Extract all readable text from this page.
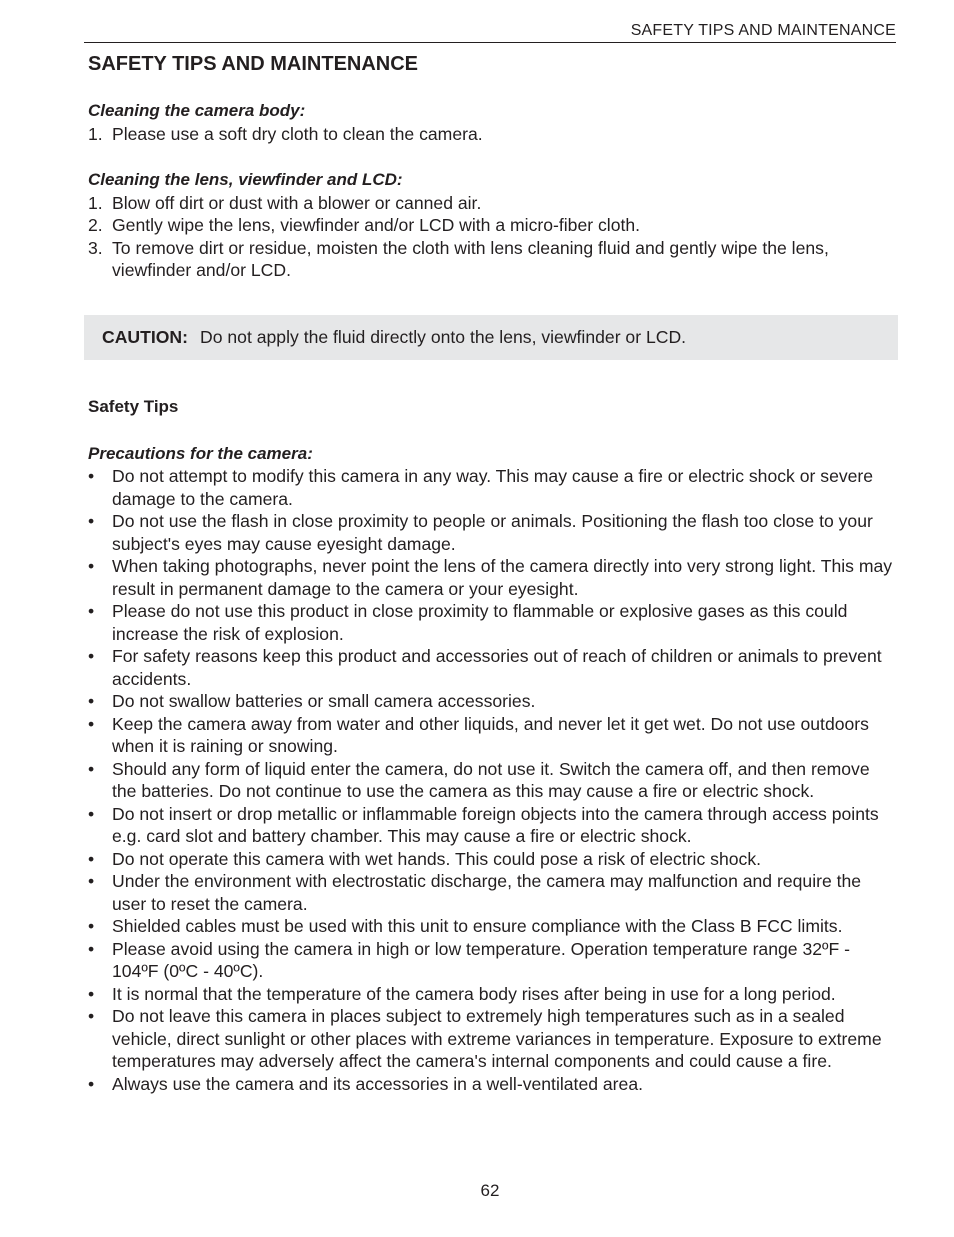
SAFETY TIPS AND MAINTENANCE
SAFETY TIPS AND MAINTENANCE
Cleaning the camera body:
1. Please use a soft dry cloth to clean the camera.
Cleaning the lens, viewfinder and LCD:
1. Blow off dirt or dust with a blower or canned air.
2. Gently wipe the lens, viewfinder and/or LCD with a micro-fiber cloth.
3. To remove dirt or residue, moisten the cloth with lens cleaning fluid and gently wipe the lens, viewfinder and/or LCD.
CAUTION: Do not apply the fluid directly onto the lens, viewfinder or LCD.
Safety Tips
Precautions for the camera:
• Do not attempt to modify this camera in any way. This may cause a fire or electric shock or severe damage to the camera.
• Do not use the flash in close proximity to people or animals. Positioning the flash too close to your subject's eyes may cause eyesight damage.
• When taking photographs, never point the lens of the camera directly into very strong light. This may result in permanent damage to the camera or your eyesight.
• Please do not use this product in close proximity to flammable or explosive gases as this could increase the risk of explosion.
• For safety reasons keep this product and accessories out of reach of children or animals to prevent accidents.
• Do not swallow batteries or small camera accessories.
• Keep the camera away from water and other liquids, and never let it get wet. Do not use outdoors when it is raining or snowing.
• Should any form of liquid enter the camera, do not use it. Switch the camera off, and then remove the batteries. Do not continue to use the camera as this may cause a fire or electric shock.
• Do not insert or drop metallic or inflammable foreign objects into the camera through access points e.g. card slot and battery chamber. This may cause a fire or electric shock.
• Do not operate this camera with wet hands. This could pose a risk of electric shock.
• Under the environment with electrostatic discharge, the camera may malfunction and require the user to reset the camera.
• Shielded cables must be used with this unit to ensure compliance with the Class B FCC limits.
• Please avoid using the camera in high or low temperature. Operation temperature range 32ºF - 104ºF (0ºC - 40ºC).
• It is normal that the temperature of the camera body rises after being in use for a long period.
• Do not leave this camera in places subject to extremely high temperatures such as in a sealed vehicle, direct sunlight or other places with extreme variances in temperature. Exposure to extreme temperatures may adversely affect the camera's internal components and could cause a fire.
• Always use the camera and its accessories in a well-ventilated area.
62
